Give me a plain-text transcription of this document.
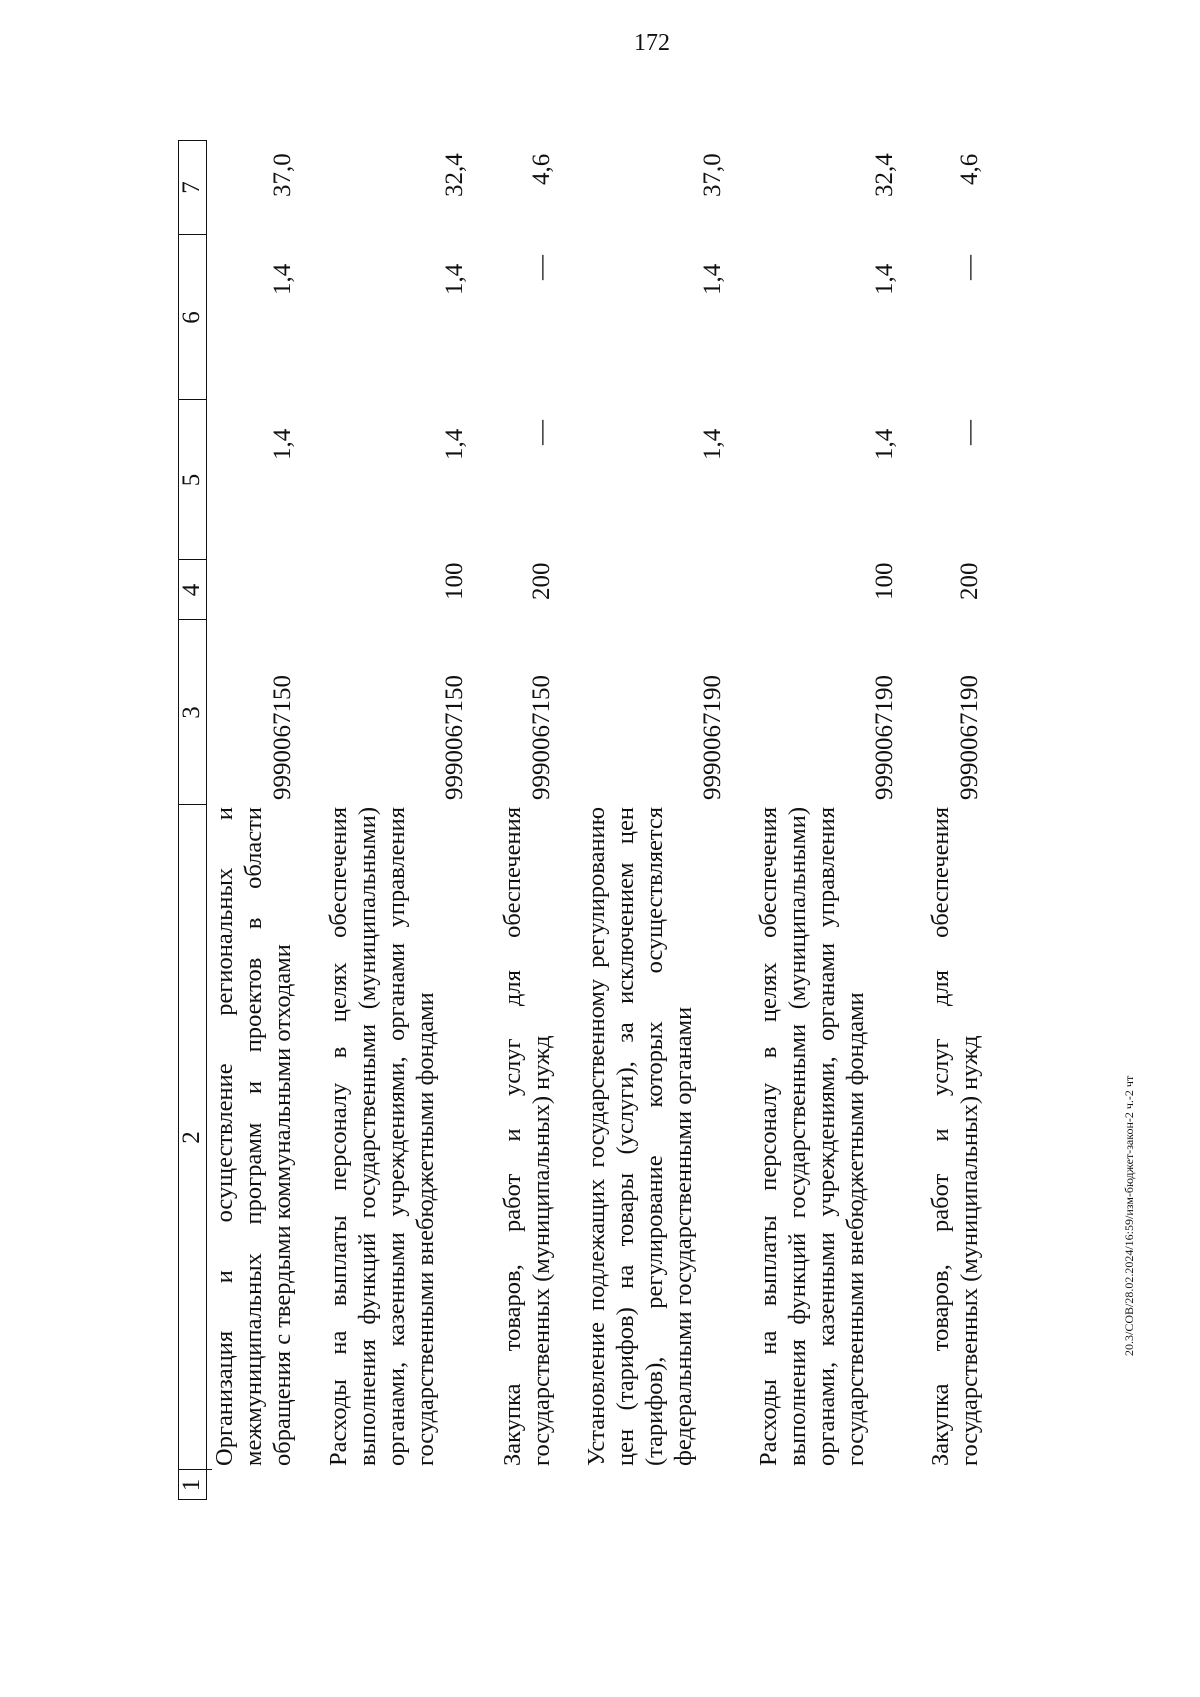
172
1
2
3
4
5
6
7
Организация и осуществление региональных и межмуниципальных программ и проектов в области обращения с твердыми коммунальными отходами
9990067150
1,4
1,4
37,0
Расходы на выплаты персоналу в целях обеспечения выполнения функций государственными (муниципальными) органами, казенными учреждениями, органами управления государственными внебюджетными фондами
9990067150
100
1,4
1,4
32,4
Закупка товаров, работ и услуг для обеспечения государственных (муниципальных) нужд
9990067150
200
—
—
4,6
Установление подлежащих государственному регулированию цен (тарифов) на товары (услуги), за исключением цен (тарифов), регулирование которых осуществляется федеральными государственными органами
9990067190
1,4
1,4
37,0
Расходы на выплаты персоналу в целях обеспечения выполнения функций государственными (муниципальными) органами, казенными учреждениями, органами управления государственными внебюджетными фондами
9990067190
100
1,4
1,4
32,4
Закупка товаров, работ и услуг для обеспечения государственных (муниципальных) нужд
9990067190
200
—
—
4,6
20.3/СОВ/28.02.2024/16:59/изм-бюджет-закон-2 ч.-2 чт
